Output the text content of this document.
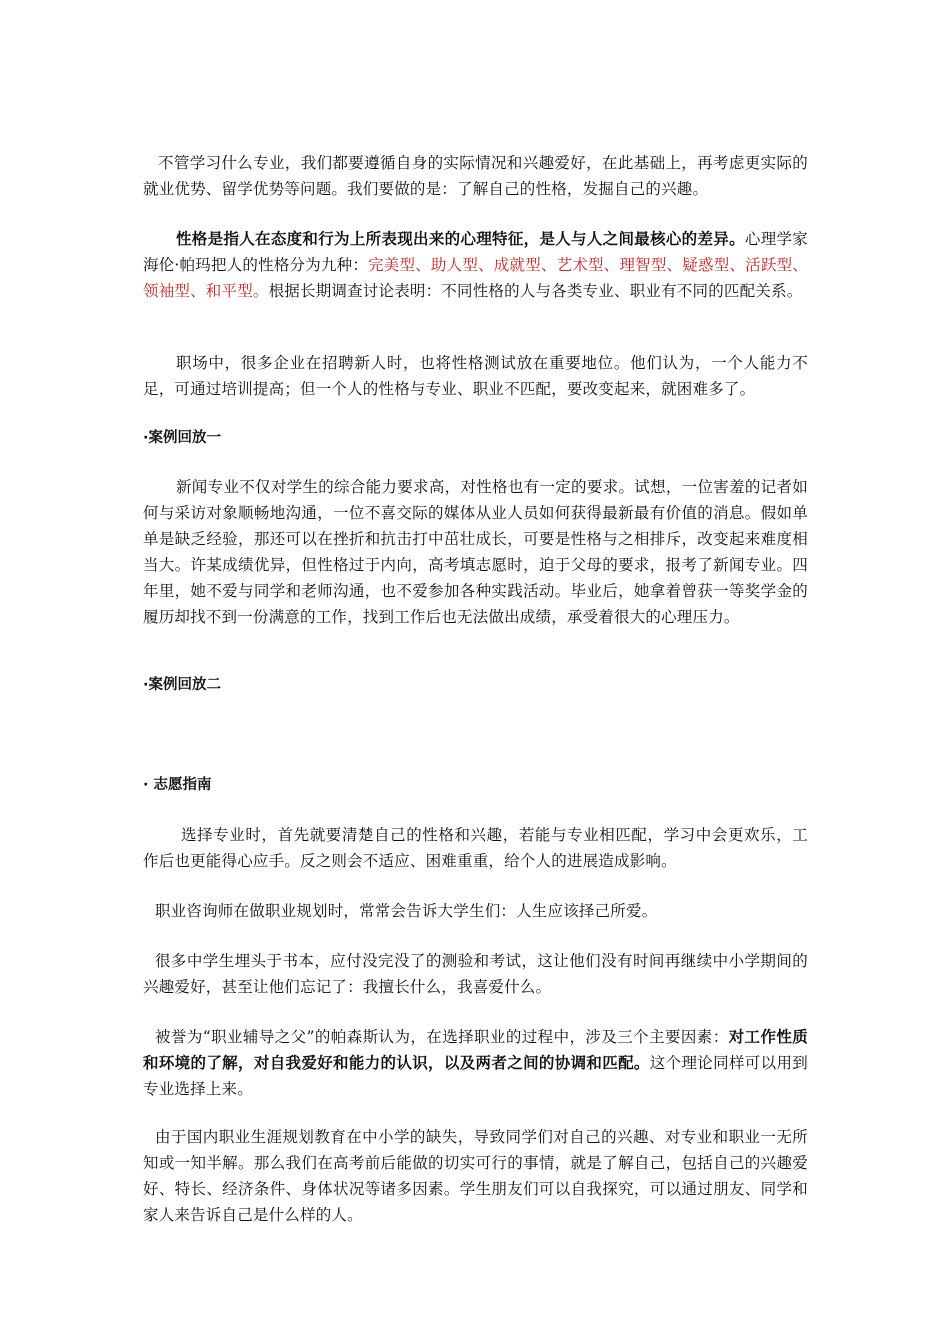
不管学习什么专业，我们都要遵循自身的实际情况和兴趣爱好，在此基础上，再考虑更实际的就业优势、留学优势等问题。我们要做的是：了解自己的性格，发掘自己的兴趣。

性格是指人在态度和行为上所表现出来的心理特征，是人与人之间最核心的差异。心理学家海伦·帕玛把人的性格分为九种：完美型、助人型、成就型、艺术型、理智型、疑惑型、活跃型、领袖型、和平型。根据长期调查讨论表明：不同性格的人与各类专业、职业有不同的匹配关系。

职场中，很多企业在招聘新人时，也将性格测试放在重要地位。他们认为，一个人能力不足，可通过培训提高；但一个人的性格与专业、职业不匹配，要改变起来，就困难多了。

·案例回放一

新闻专业不仅对学生的综合能力要求高，对性格也有一定的要求。试想，一位害羞的记者如何与采访对象顺畅地沟通，一位不喜交际的媒体从业人员如何获得最新最有价值的消息。假如单单是缺乏经验，那还可以在挫折和抗击打中茁壮成长，可要是性格与之相排斥，改变起来难度相当大。许某成绩优异，但性格过于内向，高考填志愿时，迫于父母的要求，报考了新闻专业。四年里，她不爱与同学和老师沟通，也不爱参加各种实践活动。毕业后，她拿着曾获一等奖学金的履历却找不到一份满意的工作，找到工作后也无法做出成绩，承受着很大的心理压力。

·案例回放二

· 志愿指南

选择专业时，首先就要清楚自己的性格和兴趣，若能与专业相匹配，学习中会更欢乐，工作后也更能得心应手。反之则会不适应、困难重重，给个人的进展造成影响。

职业咨询师在做职业规划时，常常会告诉大学生们：人生应该择己所爱。

很多中学生埋头于书本，应付没完没了的测验和考试，这让他们没有时间再继续中小学期间的兴趣爱好，甚至让他们忘记了：我擅长什么，我喜爱什么。

被誉为“职业辅导之父”的帕森斯认为，在选择职业的过程中，涉及三个主要因素：对工作性质和环境的了解，对自我爱好和能力的认识，以及两者之间的协调和匹配。这个理论同样可以用到专业选择上来。

由于国内职业生涯规划教育在中小学的缺失，导致同学们对自己的兴趣、对专业和职业一无所知或一知半解。那么我们在高考前后能做的切实可行的事情，就是了解自己，包括自己的兴趣爱好、特长、经济条件、身体状况等诸多因素。学生朋友们可以自我探究，可以通过朋友、同学和家人来告诉自己是什么样的人。
